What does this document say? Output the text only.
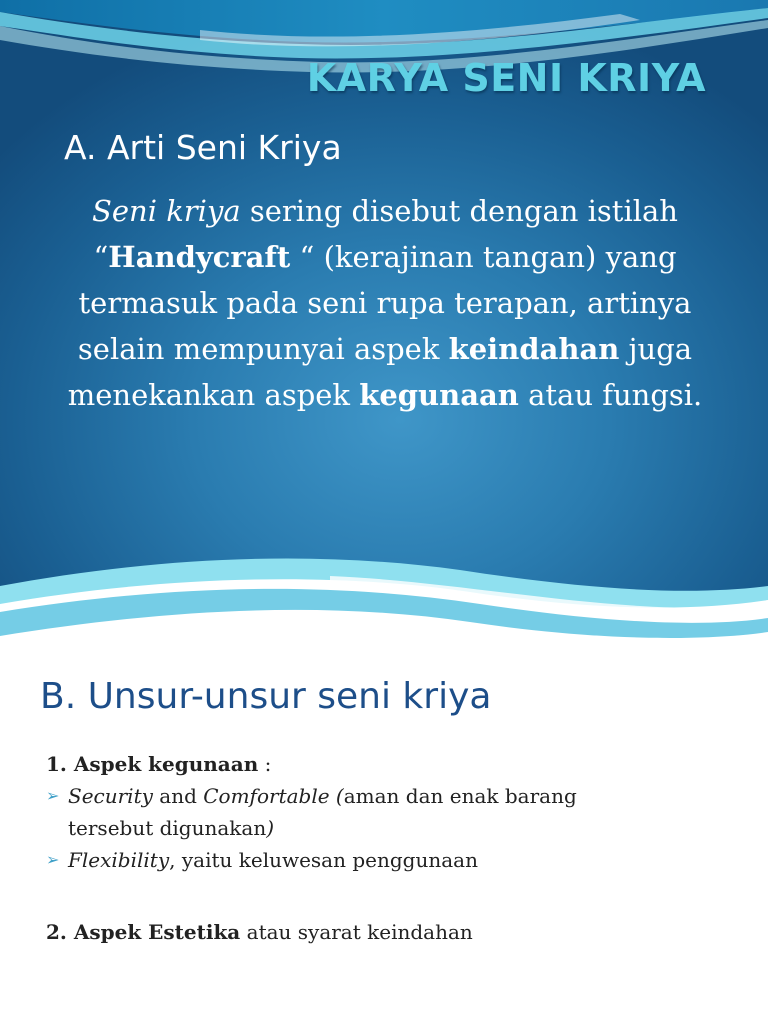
KARYA SENI KRIYA
A. Arti Seni Kriya
Seni kriya sering disebut dengan istilah “Handycraft “ (kerajinan tangan) yang termasuk pada seni rupa terapan, artinya selain mempunyai aspek keindahan juga menekankan aspek kegunaan atau fungsi.
B. Unsur-unsur seni kriya
1. Aspek kegunaan :
➢ Security and Comfortable (aman dan enak barang
tersebut digunakan)
➢ Flexibility, yaitu keluwesan penggunaan
2. Aspek Estetika atau syarat keindahan
